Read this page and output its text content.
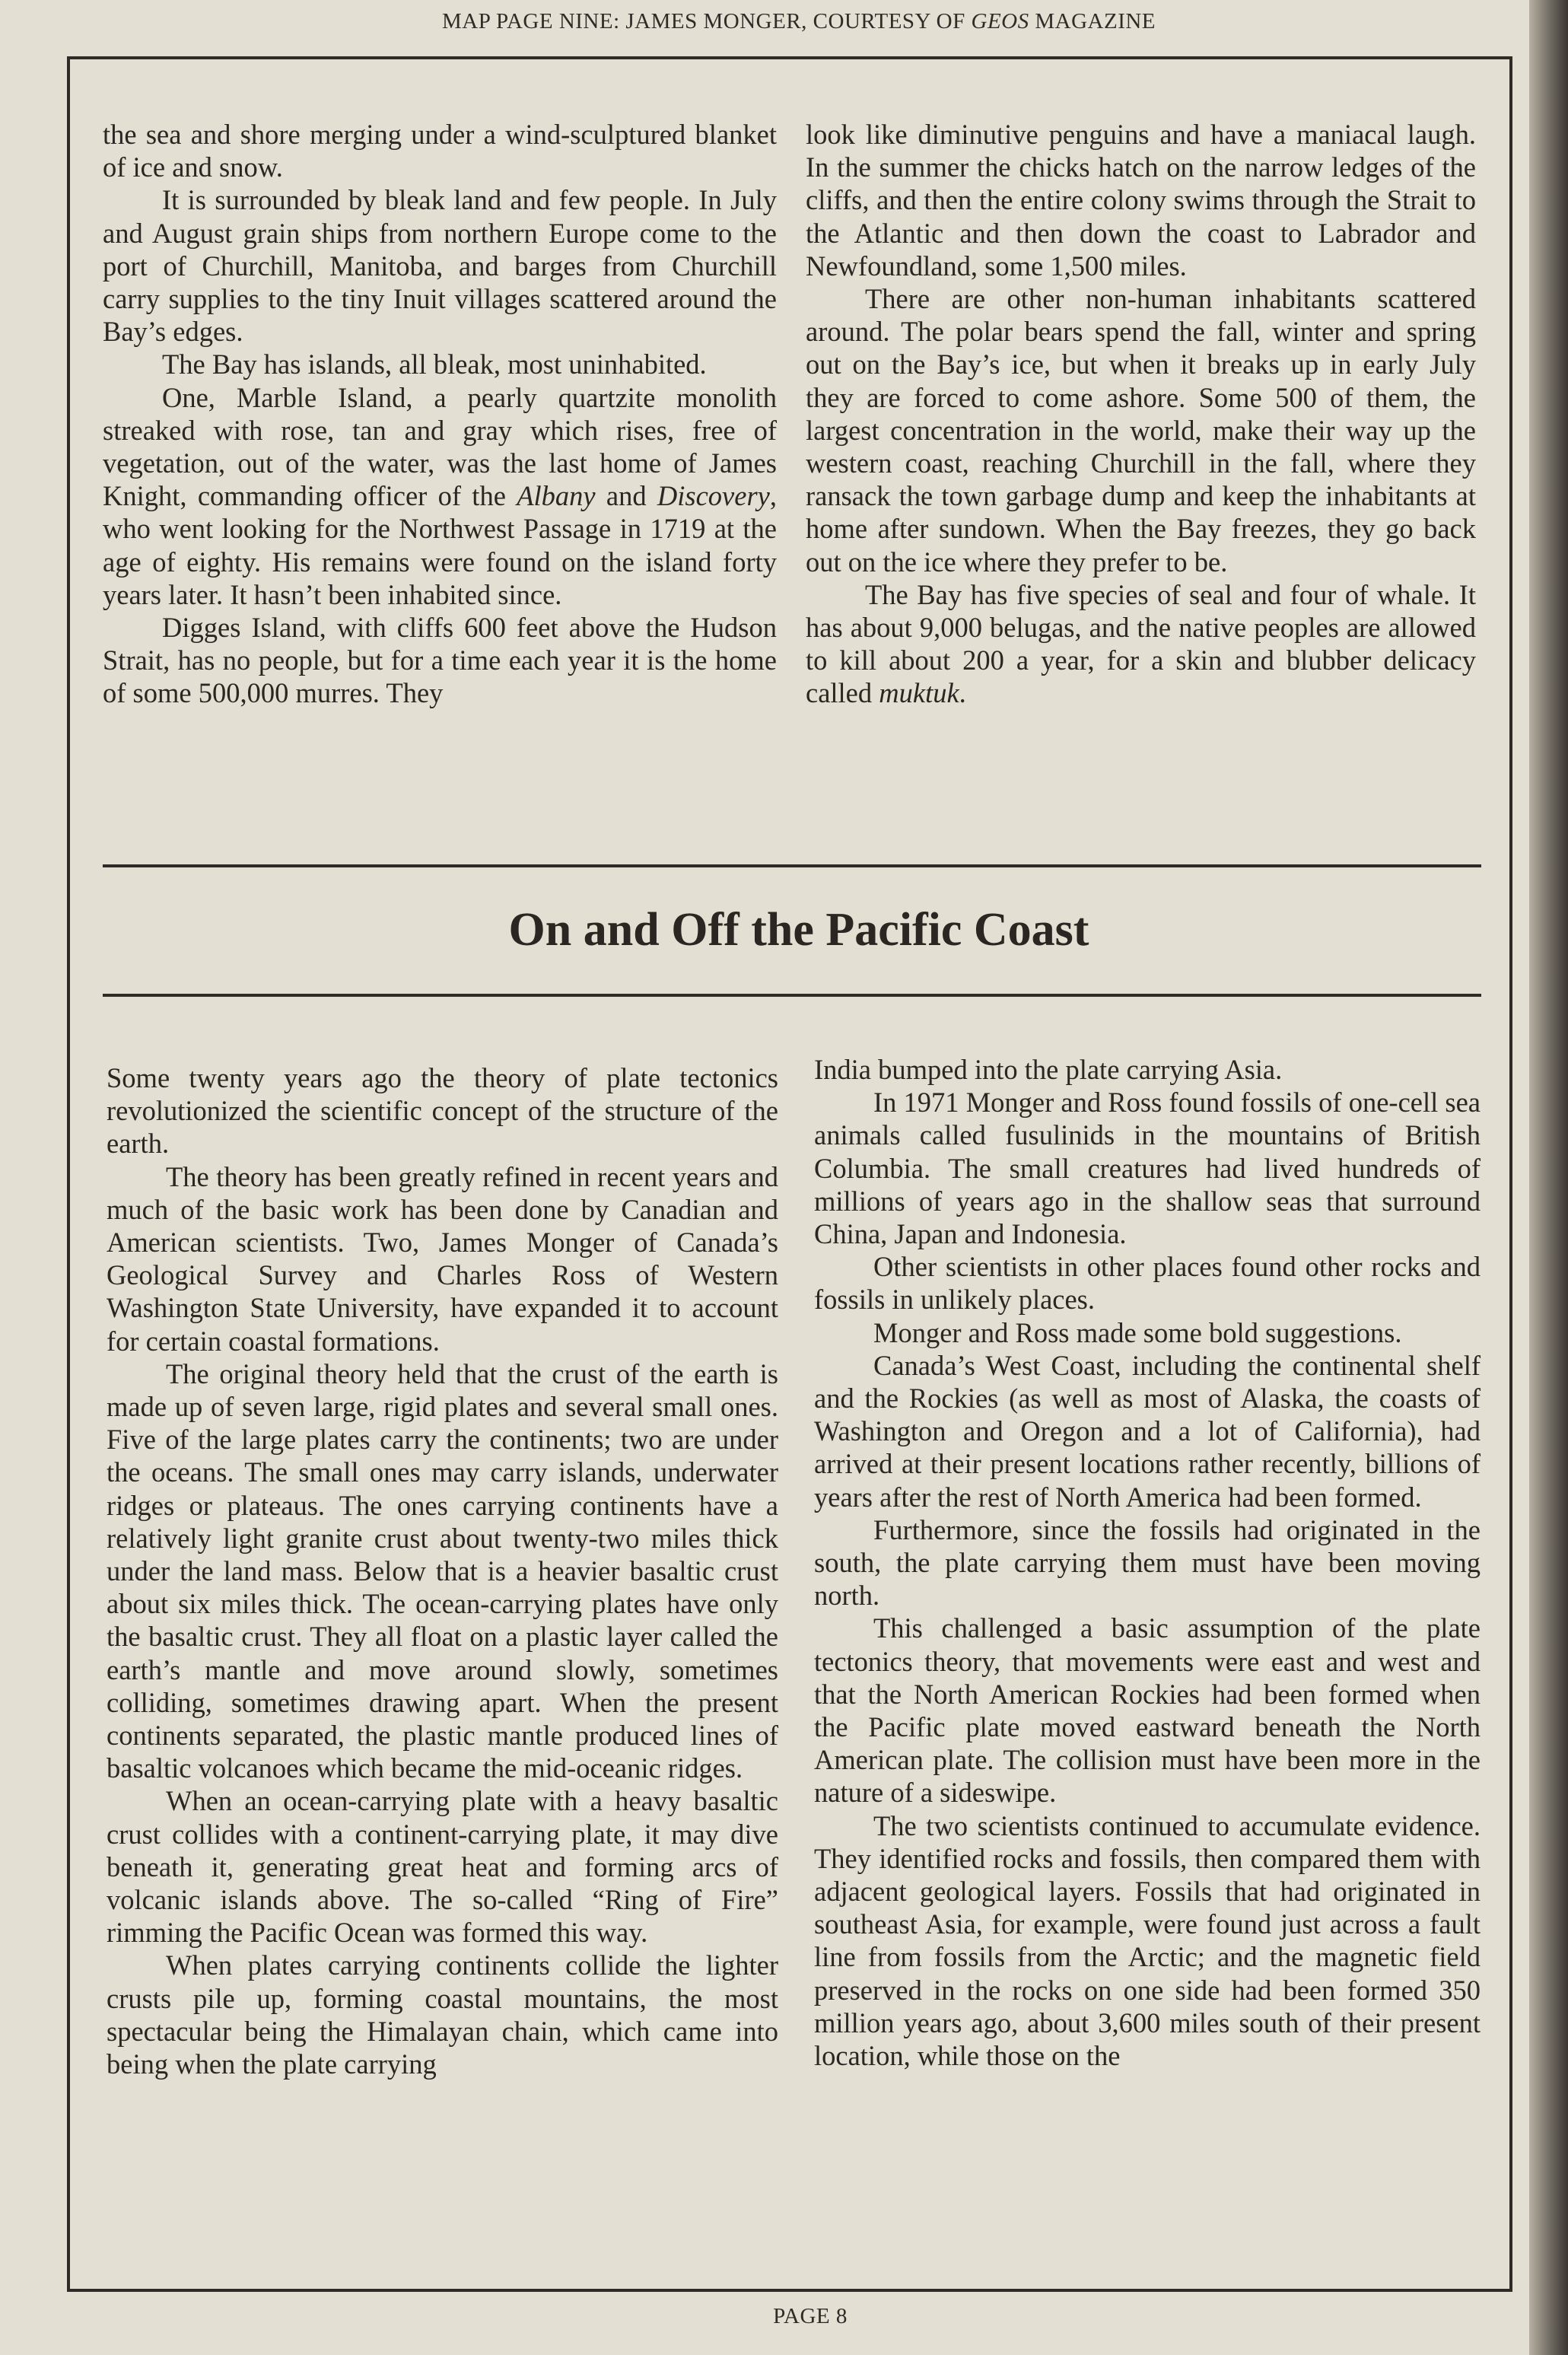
MAP PAGE NINE: JAMES MONGER, COURTESY OF GEOS MAGAZINE

the sea and shore merging under a wind-sculptured blanket of ice and snow.

It is surrounded by bleak land and few people. In July and August grain ships from northern Europe come to the port of Churchill, Manitoba, and barges from Churchill carry supplies to the tiny Inuit villages scattered around the Bay’s edges.

The Bay has islands, all bleak, most uninhabited.

One, Marble Island, a pearly quartzite monolith streaked with rose, tan and gray which rises, free of vegetation, out of the water, was the last home of James Knight, commanding officer of the Albany and Discovery, who went looking for the Northwest Passage in 1719 at the age of eighty. His remains were found on the island forty years later. It hasn’t been inhabited since.

Digges Island, with cliffs 600 feet above the Hudson Strait, has no people, but for a time each year it is the home of some 500,000 murres. They

look like diminutive penguins and have a maniacal laugh. In the summer the chicks hatch on the narrow ledges of the cliffs, and then the entire colony swims through the Strait to the Atlantic and then down the coast to Labrador and Newfoundland, some 1,500 miles.

There are other non-human inhabitants scattered around. The polar bears spend the fall, winter and spring out on the Bay’s ice, but when it breaks up in early July they are forced to come ashore. Some 500 of them, the largest concentration in the world, make their way up the western coast, reaching Churchill in the fall, where they ransack the town garbage dump and keep the inhabitants at home after sundown. When the Bay freezes, they go back out on the ice where they prefer to be.

The Bay has five species of seal and four of whale. It has about 9,000 belugas, and the native peoples are allowed to kill about 200 a year, for a skin and blubber delicacy called muktuk.

On and Off the Pacific Coast

Some twenty years ago the theory of plate tectonics revolutionized the scientific concept of the structure of the earth.

The theory has been greatly refined in recent years and much of the basic work has been done by Canadian and American scientists. Two, James Monger of Canada’s Geological Survey and Charles Ross of Western Washington State University, have expanded it to account for certain coastal formations.

The original theory held that the crust of the earth is made up of seven large, rigid plates and several small ones. Five of the large plates carry the continents; two are under the oceans. The small ones may carry islands, underwater ridges or plateaus. The ones carrying continents have a relatively light granite crust about twenty-two miles thick under the land mass. Below that is a heavier basaltic crust about six miles thick. The ocean-carrying plates have only the basaltic crust. They all float on a plastic layer called the earth’s mantle and move around slowly, sometimes colliding, sometimes drawing apart. When the present continents separated, the plastic mantle produced lines of basaltic volcanoes which became the mid-oceanic ridges.

When an ocean-carrying plate with a heavy basaltic crust collides with a continent-carrying plate, it may dive beneath it, generating great heat and forming arcs of volcanic islands above. The so-called “Ring of Fire” rimming the Pacific Ocean was formed this way.

When plates carrying continents collide the lighter crusts pile up, forming coastal mountains, the most spectacular being the Himalayan chain, which came into being when the plate carrying

India bumped into the plate carrying Asia.

In 1971 Monger and Ross found fossils of one-cell sea animals called fusulinids in the mountains of British Columbia. The small creatures had lived hundreds of millions of years ago in the shallow seas that surround China, Japan and Indonesia.

Other scientists in other places found other rocks and fossils in unlikely places.

Monger and Ross made some bold suggestions.

Canada’s West Coast, including the continental shelf and the Rockies (as well as most of Alaska, the coasts of Washington and Oregon and a lot of California), had arrived at their present locations rather recently, billions of years after the rest of North America had been formed.

Furthermore, since the fossils had originated in the south, the plate carrying them must have been moving north.

This challenged a basic assumption of the plate tectonics theory, that movements were east and west and that the North American Rockies had been formed when the Pacific plate moved eastward beneath the North American plate. The collision must have been more in the nature of a sideswipe.

The two scientists continued to accumulate evidence. They identified rocks and fossils, then compared them with adjacent geological layers. Fossils that had originated in southeast Asia, for example, were found just across a fault line from fossils from the Arctic; and the magnetic field preserved in the rocks on one side had been formed 350 million years ago, about 3,600 miles south of their present location, while those on the

PAGE 8
